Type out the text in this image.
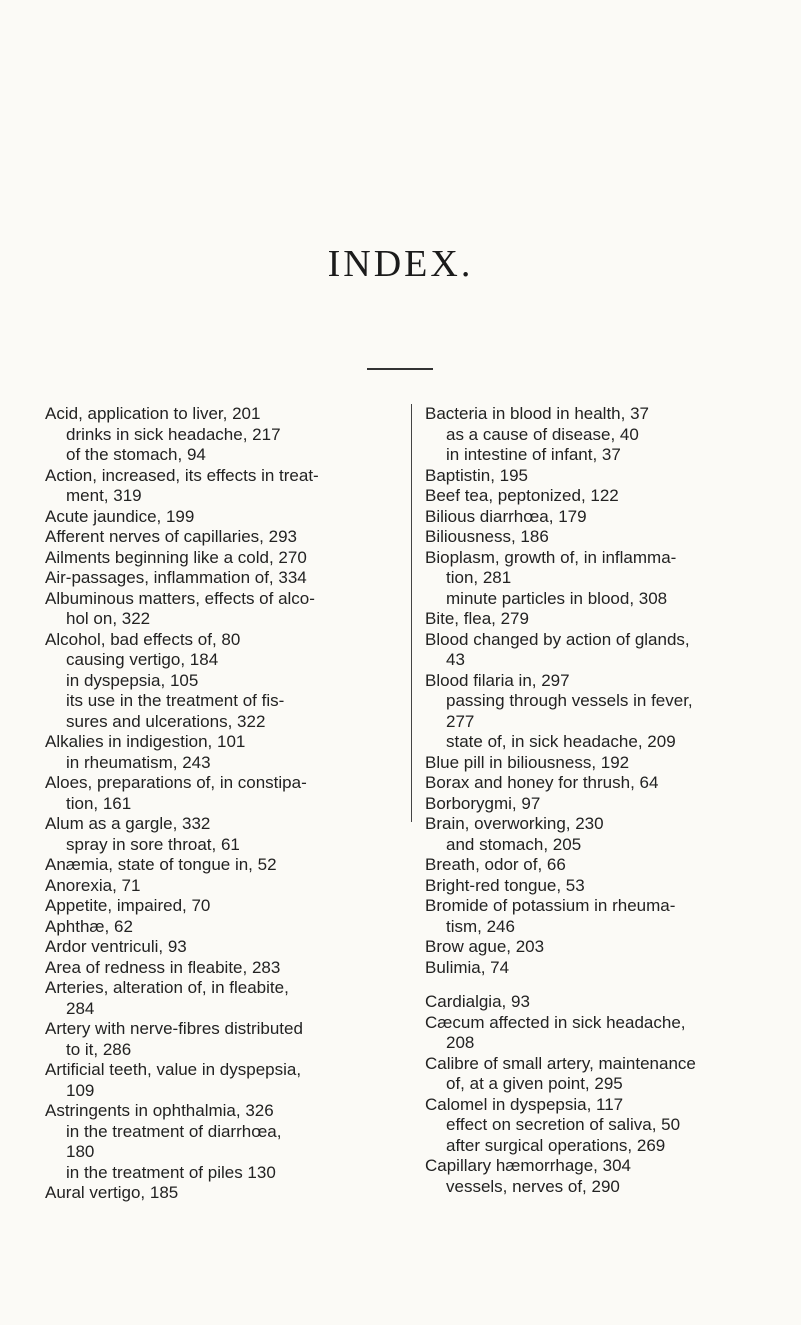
INDEX.
Acid, application to liver, 201
drinks in sick headache, 217
of the stomach, 94
Action, increased, its effects in treat-
ment, 319
Acute jaundice, 199
Afferent nerves of capillaries, 293
Ailments beginning like a cold, 270
Air-passages, inflammation of, 334
Albuminous matters, effects of alco-
hol on, 322
Alcohol, bad effects of, 80
causing vertigo, 184
in dyspepsia, 105
its use in the treatment of fis-
sures and ulcerations, 322
Alkalies in indigestion, 101
in rheumatism, 243
Aloes, preparations of, in constipa-
tion, 161
Alum as a gargle, 332
spray in sore throat, 61
Anæmia, state of tongue in, 52
Anorexia, 71
Appetite, impaired, 70
Aphthæ, 62
Ardor ventriculi, 93
Area of redness in fleabite, 283
Arteries, alteration of, in fleabite,
284
Artery with nerve-fibres distributed
to it, 286
Artificial teeth, value in dyspepsia,
109
Astringents in ophthalmia, 326
in the treatment of diarrhœa,
180
in the treatment of piles 130
Aural vertigo, 185
Bacteria in blood in health, 37
as a cause of disease, 40
in intestine of infant, 37
Baptistin, 195
Beef tea, peptonized, 122
Bilious diarrhœa, 179
Biliousness, 186
Bioplasm, growth of, in inflamma-
tion, 281
minute particles in blood, 308
Bite, flea, 279
Blood changed by action of glands,
43
Blood filaria in, 297
passing through vessels in fever,
277
state of, in sick headache, 209
Blue pill in biliousness, 192
Borax and honey for thrush, 64
Borborygmi, 97
Brain, overworking, 230
and stomach, 205
Breath, odor of, 66
Bright-red tongue, 53
Bromide of potassium in rheuma-
tism, 246
Brow ague, 203
Bulimia, 74
Cardialgia, 93
Cæcum affected in sick headache,
208
Calibre of small artery, maintenance
of, at a given point, 295
Calomel in dyspepsia, 117
effect on secretion of saliva, 50
after surgical operations, 269
Capillary hæmorrhage, 304
vessels, nerves of, 290
